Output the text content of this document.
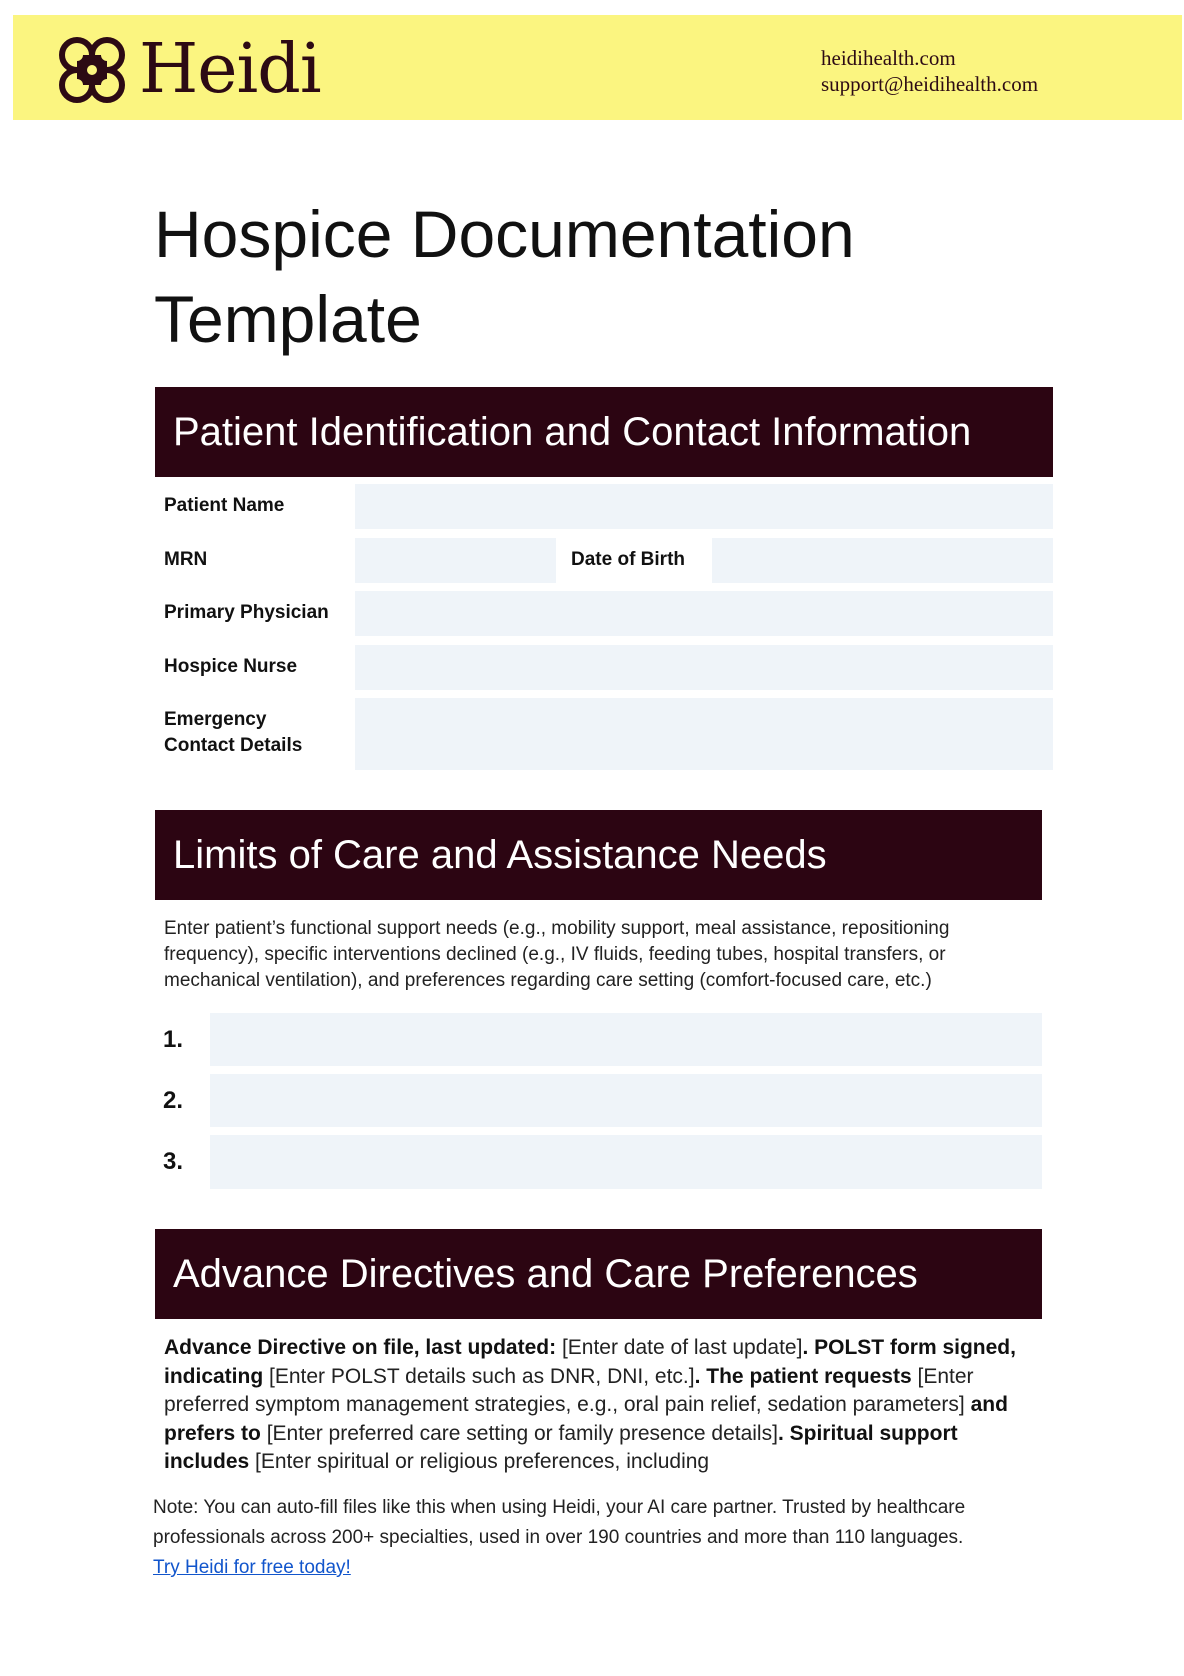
Heidi	heidihealth.com
support@heidihealth.com
Hospice Documentation
Template
Patient Identification and Contact Information
Patient Name
MRN	Date of Birth
Primary Physician
Hospice Nurse
Emergency
Contact Details
Limits of Care and Assistance Needs
Enter patient’s functional support needs (e.g., mobility support, meal assistance, repositioning frequency), specific interventions declined (e.g., IV fluids, feeding tubes, hospital transfers, or mechanical ventilation), and preferences regarding care setting (comfort-focused care, etc.)
1.
2.
3.
Advance Directives and Care Preferences
Advance Directive on file, last updated: [Enter date of last update]. POLST form signed, indicating [Enter POLST details such as DNR, DNI, etc.]. The patient requests [Enter preferred symptom management strategies, e.g., oral pain relief, sedation parameters] and prefers to [Enter preferred care setting or family presence details]. Spiritual support includes [Enter spiritual or religious preferences, including
Note: You can auto-fill files like this when using Heidi, your AI care partner. Trusted by healthcare professionals across 200+ specialties, used in over 190 countries and more than 110 languages.
Try Heidi for free today!
